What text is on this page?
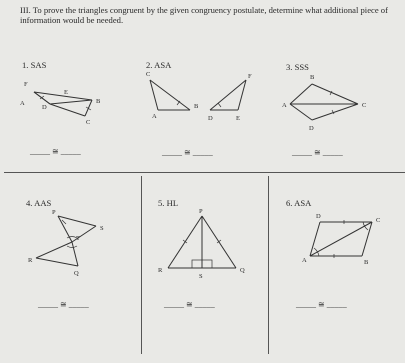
III. To prove the triangles congruent by the given congruency postulate, determine what additional piece of information would be needed.
1. SAS
F
E
A
D
B
C
_____ ≅ _____
2. ASA
C	F
B
A	D	E
_____ ≅ _____
3. SSS
B
A	C
D
_____ ≅ _____
4. AAS
P
S
T
R
Q
_____ ≅ _____
5. HL
P
R
S
Q
_____ ≅ _____
6. ASA
D
C
A	B
_____ ≅ _____
